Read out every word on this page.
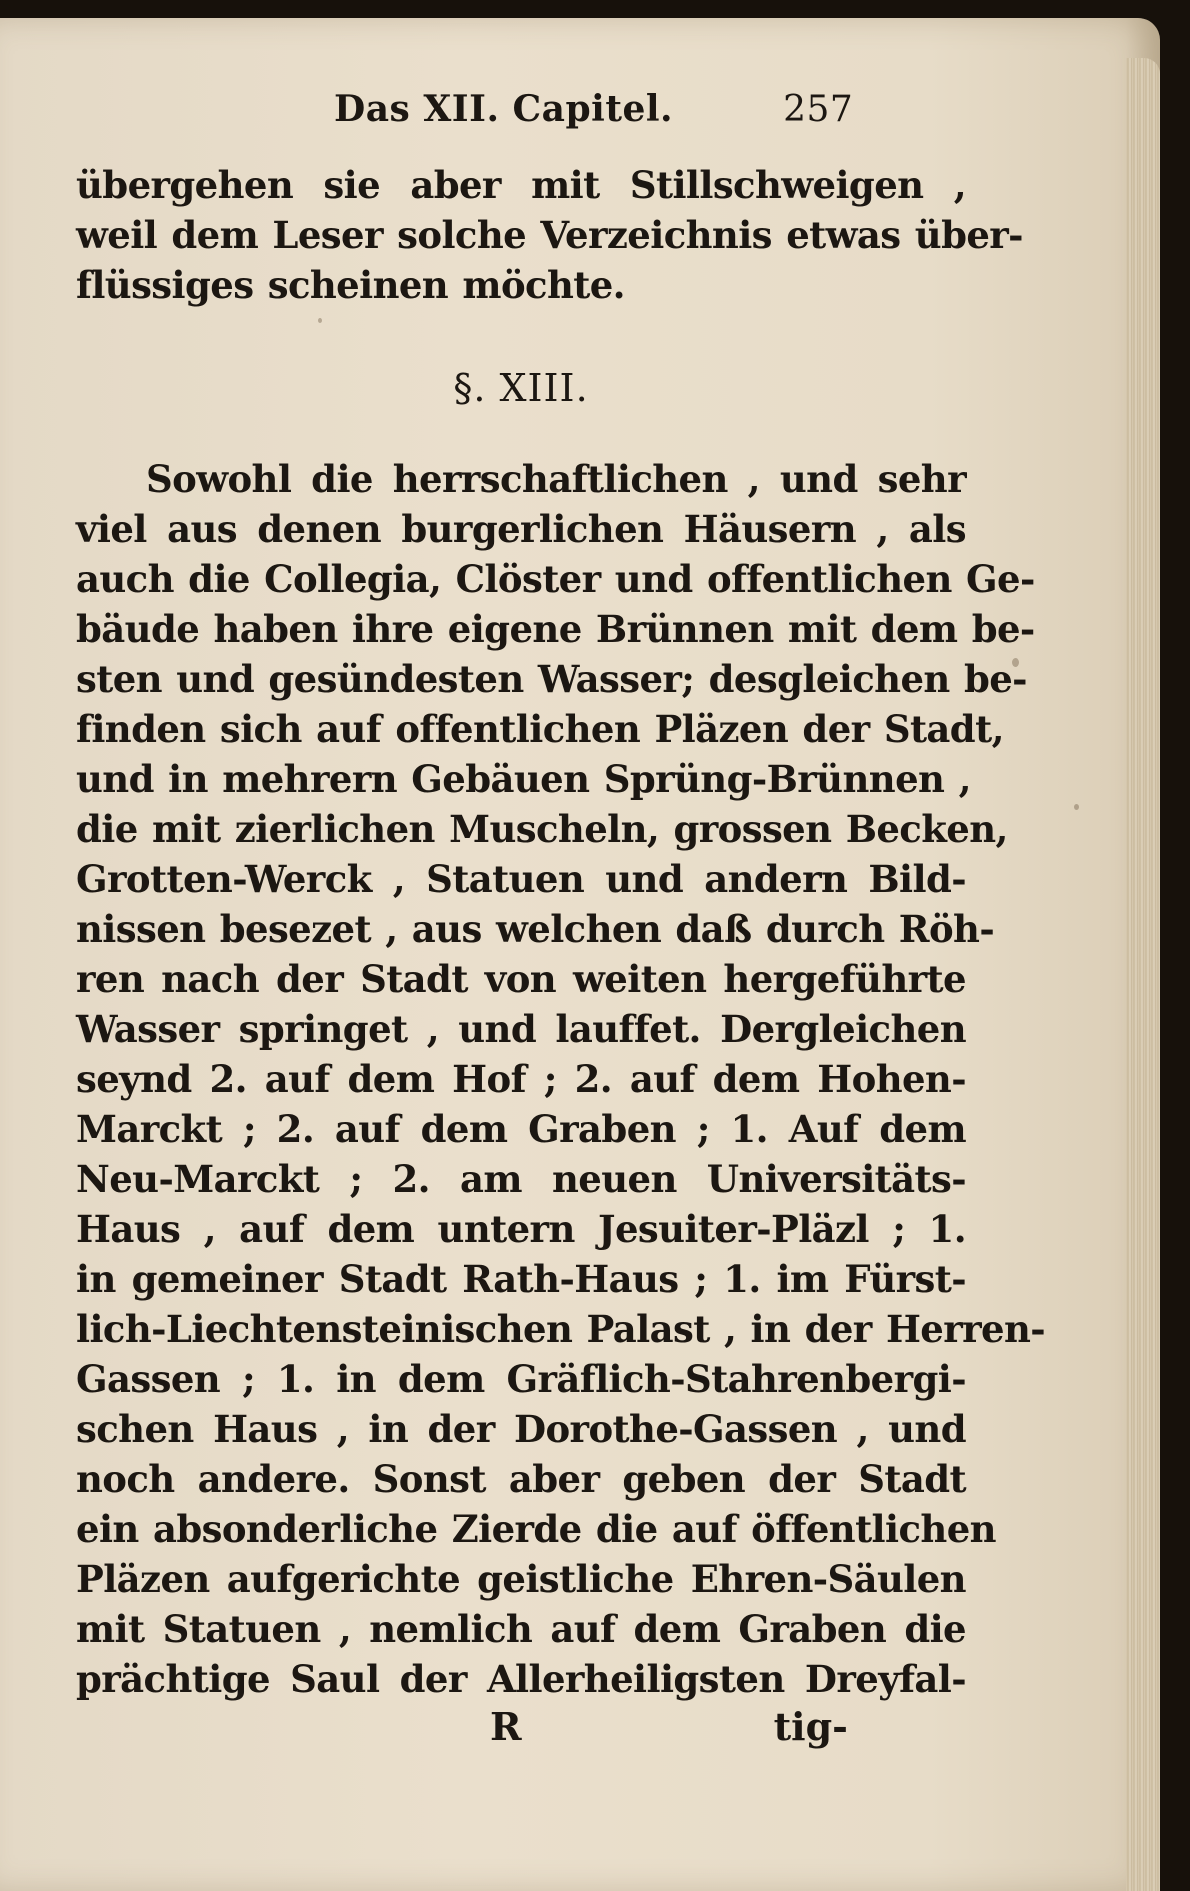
Das XII. Capitel.	257
übergehen sie aber mit Stillschweigen ,
weil dem Leser solche Verzeichnis etwas über-
flüssiges scheinen möchte.
§. XIII.
Sowohl die herrschaftlichen , und sehr
viel aus denen burgerlichen Häusern , als
auch die Collegia, Clöster und offentlichen Ge-
bäude haben ihre eigene Brünnen mit dem be-
sten und gesündesten Wasser; desgleichen be-
finden sich auf offentlichen Pläzen der Stadt,
und in mehrern Gebäuen Sprüng-Brünnen ,
die mit zierlichen Muscheln, grossen Becken,
Grotten-Werck , Statuen und andern Bild-
nissen besezet , aus welchen daß durch Röh-
ren nach der Stadt von weiten hergeführte
Wasser springet , und lauffet. Dergleichen
seynd 2. auf dem Hof ; 2. auf dem Hohen-
Marckt ; 2. auf dem Graben ; 1. Auf dem
Neu-Marckt ; 2. am neuen Universitäts-
Haus , auf dem untern Jesuiter-Pläzl ; 1.
in gemeiner Stadt Rath-Haus ; 1. im Fürst-
lich-Liechtensteinischen Palast , in der Herren-
Gassen ; 1. in dem Gräflich-Stahrenbergi-
schen Haus , in der Dorothe-Gassen , und
noch andere. Sonst aber geben der Stadt
ein absonderliche Zierde die auf öffentlichen
Pläzen aufgerichte geistliche Ehren-Säulen
mit Statuen , nemlich auf dem Graben die
prächtige Saul der Allerheiligsten Dreyfal-
R	tig-
